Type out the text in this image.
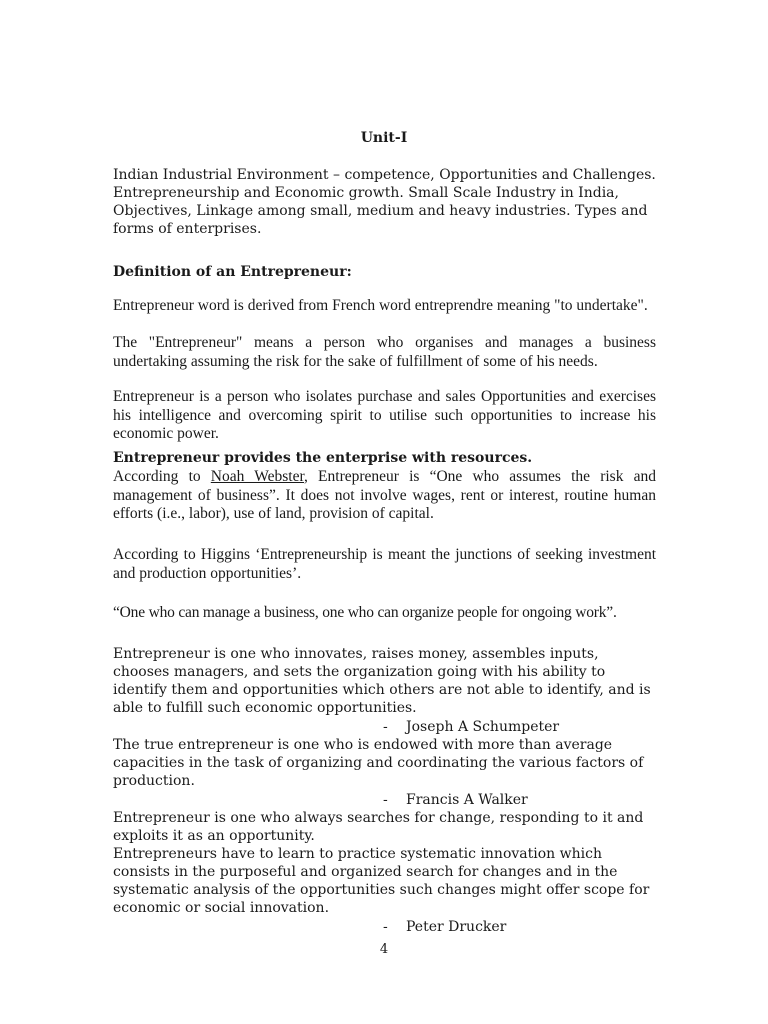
Unit-I

Indian Industrial Environment – competence, Opportunities and Challenges. Entrepreneurship and Economic growth. Small Scale Industry in India, Objectives, Linkage among small, medium and heavy industries. Types and forms of enterprises.

Definition of an Entrepreneur:

Entrepreneur word is derived from French word entreprendre meaning "to undertake".

The "Entrepreneur" means a person who organises and manages a business undertaking assuming the risk for the sake of fulfillment of some of his needs.

Entrepreneur is a person who isolates purchase and sales Opportunities and exercises his intelligence and overcoming spirit to utilise such opportunities to increase his economic power.

Entrepreneur provides the enterprise with resources.

According to Noah Webster, Entrepreneur is “One who assumes the risk and management of business”. It does not involve wages, rent or interest, routine human efforts (i.e., labor), use of land, provision of capital.

According to Higgins ‘Entrepreneurship is meant the junctions of seeking investment and production opportunities’.

“One who can manage a business, one who can organize people for ongoing work”.

Entrepreneur is one who innovates, raises money, assembles inputs, chooses managers, and sets the organization going with his ability to identify them and opportunities which others are not able to identify, and is able to fulfill such economic opportunities.

- Joseph A Schumpeter

The true entrepreneur is one who is endowed with more than average capacities in the task of organizing and coordinating the various factors of production.

- Francis A Walker

Entrepreneur is one who always searches for change, responding to it and exploits it as an opportunity.

Entrepreneurs have to learn to practice systematic innovation which consists in the purposeful and organized search for changes and in the systematic analysis of the opportunities such changes might offer scope for economic or social innovation.

- Peter Drucker

4
